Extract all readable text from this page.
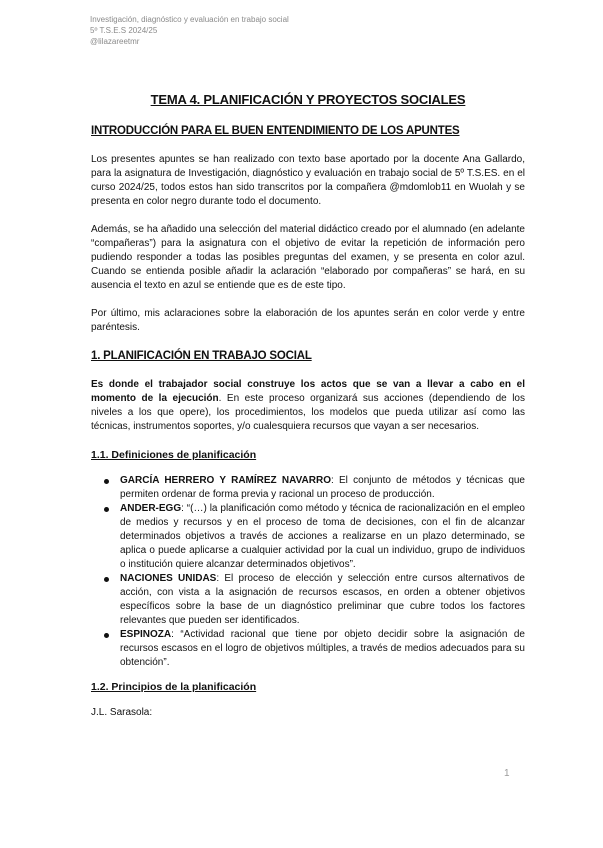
Investigación, diagnóstico y evaluación en trabajo social
5º T.S.E.S 2024/25
@lilazareetmr
TEMA 4. PLANIFICACIÓN Y PROYECTOS SOCIALES
INTRODUCCIÓN PARA EL BUEN ENTENDIMIENTO DE LOS APUNTES

Los presentes apuntes se han realizado con texto base aportado por la docente Ana Gallardo, para la asignatura de Investigación, diagnóstico y evaluación en trabajo social de 5º T.S.ES. en el curso 2024/25, todos estos han sido transcritos por la compañera @mdomlob11 en Wuolah y se presenta en color negro durante todo el documento.

Además, se ha añadido una selección del material didáctico creado por el alumnado (en adelante “compañeras”) para la asignatura con el objetivo de evitar la repetición de información pero pudiendo responder a todas las posibles preguntas del examen, y se presenta en color azul. Cuando se entienda posible añadir la aclaración “elaborado por compañeras” se hará, en su ausencia el texto en azul se entiende que es de este tipo.

Por último, mis aclaraciones sobre la elaboración de los apuntes serán en color verde y entre paréntesis.

1. PLANIFICACIÓN EN TRABAJO SOCIAL

Es donde el trabajador social construye los actos que se van a llevar a cabo en el momento de la ejecución. En este proceso organizará sus acciones (dependiendo de los niveles a los que opere), los procedimientos, los modelos que pueda utilizar así como las técnicas, instrumentos soportes, y/o cualesquiera recursos que vayan a ser necesarios.

1.1. Definiciones de planificación
GARCÍA HERRERO Y RAMÍREZ NAVARRO: El conjunto de métodos y técnicas que permiten ordenar de forma previa y racional un proceso de producción.
ANDER-EGG: “(…) la planificación como método y técnica de racionalización en el empleo de medios y recursos y en el proceso de toma de decisiones, con el fin de alcanzar determinados objetivos a través de acciones a realizarse en un plazo determinado, se aplica o puede aplicarse a cualquier actividad por la cual un individuo, grupo de individuos o institución quiere alcanzar determinados objetivos”.
NACIONES UNIDAS: El proceso de elección y selección entre cursos alternativos de acción, con vista a la asignación de recursos escasos, en orden a obtener objetivos específicos sobre la base de un diagnóstico preliminar que cubre todos los factores relevantes que pueden ser identificados.
ESPINOZA: “Actividad racional que tiene por objeto decidir sobre la asignación de recursos escasos en el logro de objetivos múltiples, a través de medios adecuados para su obtención”.
1.2. Principios de la planificación
J.L. Sarasola:
1
